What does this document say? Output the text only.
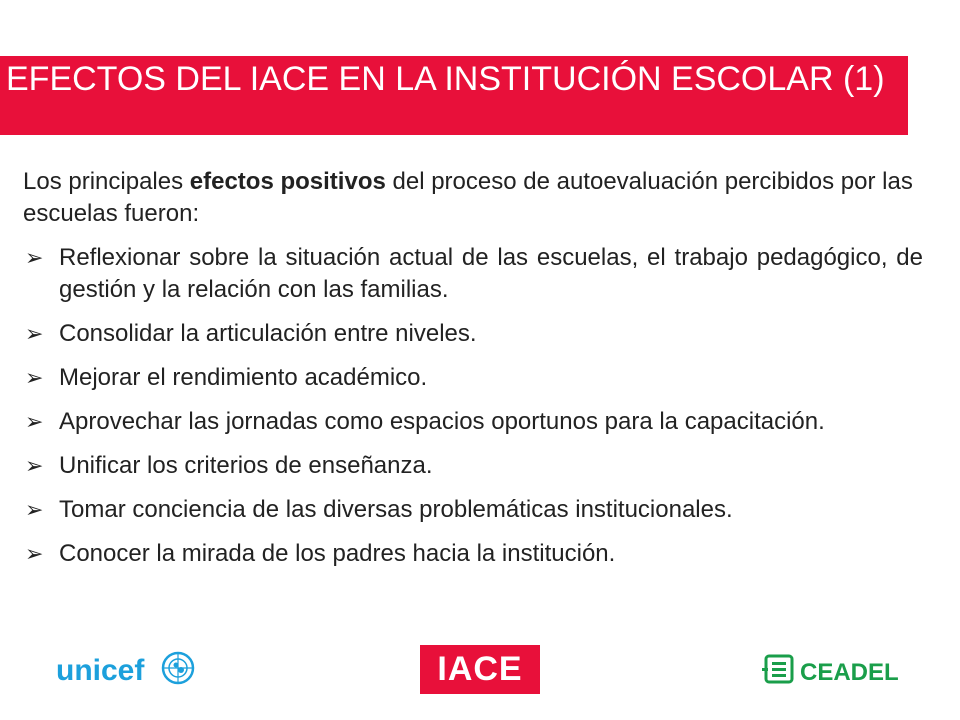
EFECTOS DEL IACE EN LA INSTITUCIÓN ESCOLAR (1)

Los principales efectos positivos del proceso de autoevaluación percibidos por las escuelas fueron:

➢ Reflexionar sobre la situación actual de las escuelas, el trabajo pedagógico, de gestión y la relación con las familias.
➢ Consolidar la articulación entre niveles.
➢ Mejorar el rendimiento académico.
➢ Aprovechar las jornadas como espacios oportunos para la capacitación.
➢ Unificar los criterios de enseñanza.
➢ Tomar conciencia de las diversas problemáticas institucionales.
➢ Conocer la mirada de los padres hacia la institución.
unicef	IACE	CEADEL
